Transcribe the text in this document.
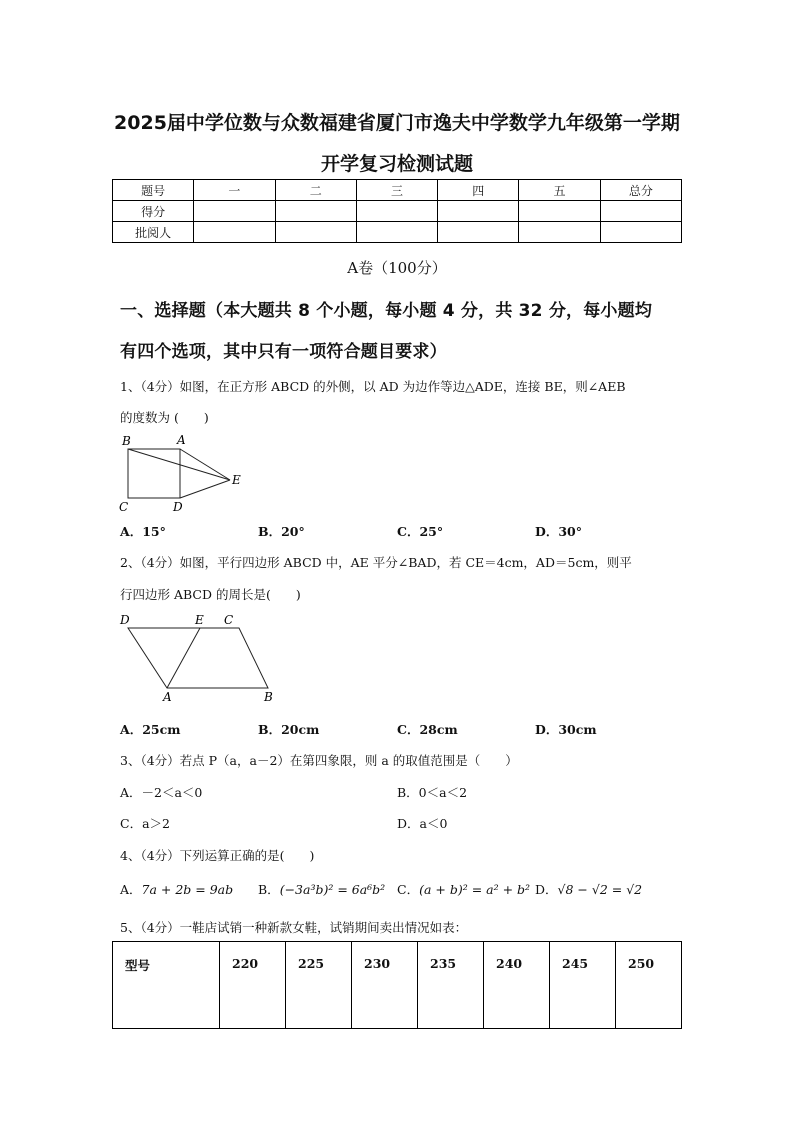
2025届中学位数与众数福建省厦门市逸夫中学数学九年级第一学期
开学复习检测试题
题号	一	二	三	四	五	总分
得分						
批阅人						
A卷（100分）
一、选择题（本大题共 8 个小题，每小题 4 分，共 32 分，每小题均
有四个选项，其中只有一项符合题目要求）
1、（4分）如图，在正方形 ABCD 的外侧，以 AD 为边作等边△ADE，连接 BE，则∠AEB
的度数为 (　　)
B	A
C	D
E
A．15°	B．20°	C．25°	D．30°
2、（4分）如图，平行四边形 ABCD 中，AE 平分∠BAD，若 CE＝4cm，AD＝5cm，则平
行四边形 ABCD 的周长是(　　)
D	E C
A	B
A．25cm	B．20cm	C．28cm	D．30cm
3、（4分）若点 P（a，a－2）在第四象限，则 a 的取值范围是（　　）
A．－2＜a＜0	B．0＜a＜2
C．a＞2	D．a＜0
4、（4分）下列运算正确的是(　　)
A．7a + 2b = 9ab B．(−3a³b)² = 6a⁶b² C．(a + b)² = a² + b² D．√8 − √2 = √2
5、（4分）一鞋店试销一种新款女鞋，试销期间卖出情况如表：
型号	220	225	230	235	240	245	250
